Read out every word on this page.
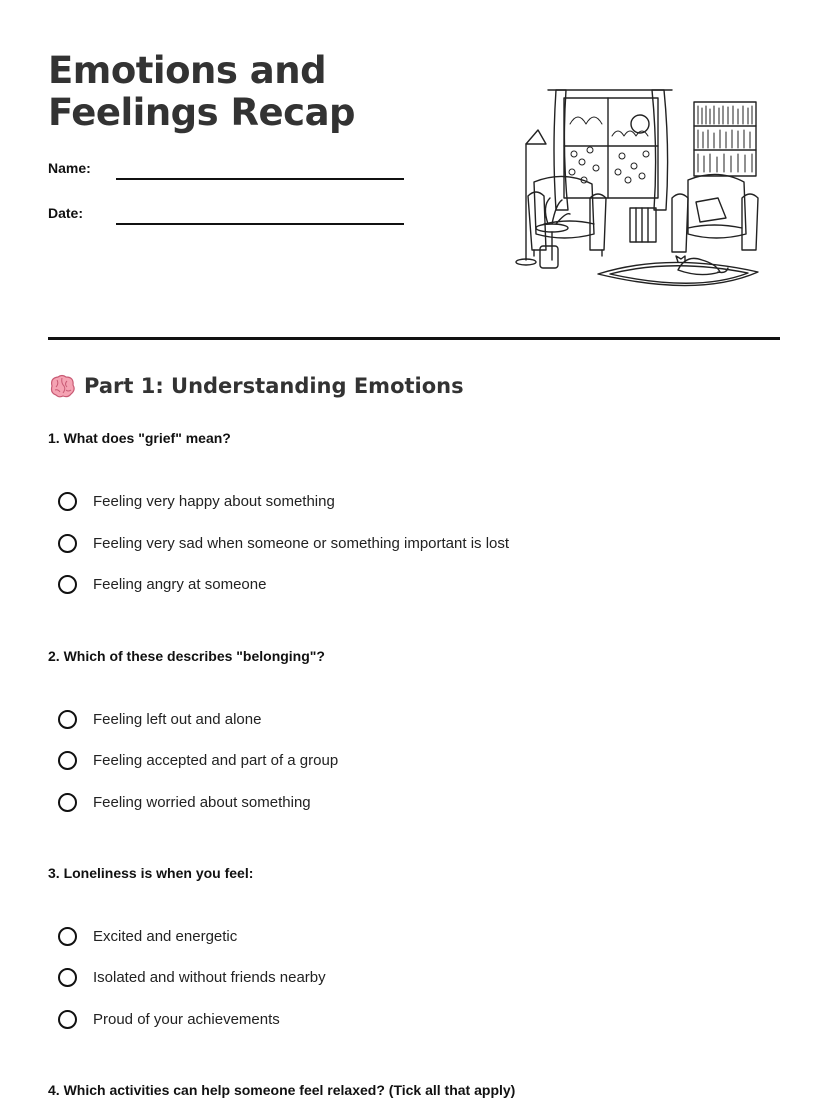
Emotions and Feelings Recap
Name:
Date:
Part 1: Understanding Emotions

1. What does "grief" mean?

Feeling very happy about something
Feeling very sad when someone or something important is lost
Feeling angry at someone

2. Which of these describes "belonging"?

Feeling left out and alone
Feeling accepted and part of a group
Feeling worried about something

3. Loneliness is when you feel:

Excited and energetic
Isolated and without friends nearby
Proud of your achievements

4. Which activities can help someone feel relaxed? (Tick all that apply)
